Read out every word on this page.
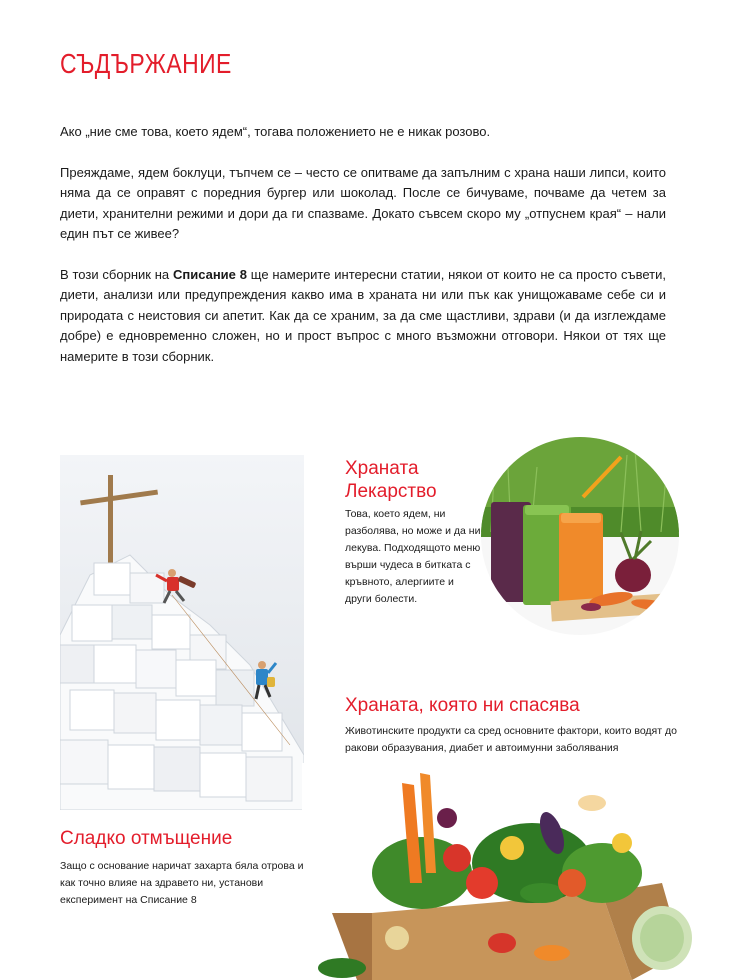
СЪДЪРЖАНИЕ

Ако „ние сме това, което ядем“, тогава положението не е никак розово.

Преяждаме, ядем боклуци, тъпчем се – често се опитваме да запълним с храна наши липси, които няма да се оправят с поредния бургер или шоколад. После се бичуваме, почваме да четем за диети, хранителни режими и дори да ги спазваме. Докато съвсем скоро му „отпуснем края“ – нали един път се живее?

В този сборник на Списание 8 ще намерите интересни статии, някои от които не са просто съвети, диети, анализи или предупреждения какво има в храната ни или пък как унищожаваме себе си и природата с неистовия си апетит. Как да се храним, за да сме щастливи, здрави (и да изглеждаме добре) е едновременно сложен, но и прост въпрос с много възможни отговори. Някои от тях ще намерите в този сборник.

Храната
Лекарство

Това, което ядем, ни разболява, но може и да ни лекува. Подходящото меню върши чудеса в битката с кръвното, алергиите и други болести.

Храната, която ни спасява

Животинските продукти са сред основните фактори, които водят до ракови образувания, диабет и автоимунни заболявания

Сладко отмъщение

Защо с основание наричат захарта бяла отрова и как точно влияе на здравето ни, установи експеримент на Списание 8
